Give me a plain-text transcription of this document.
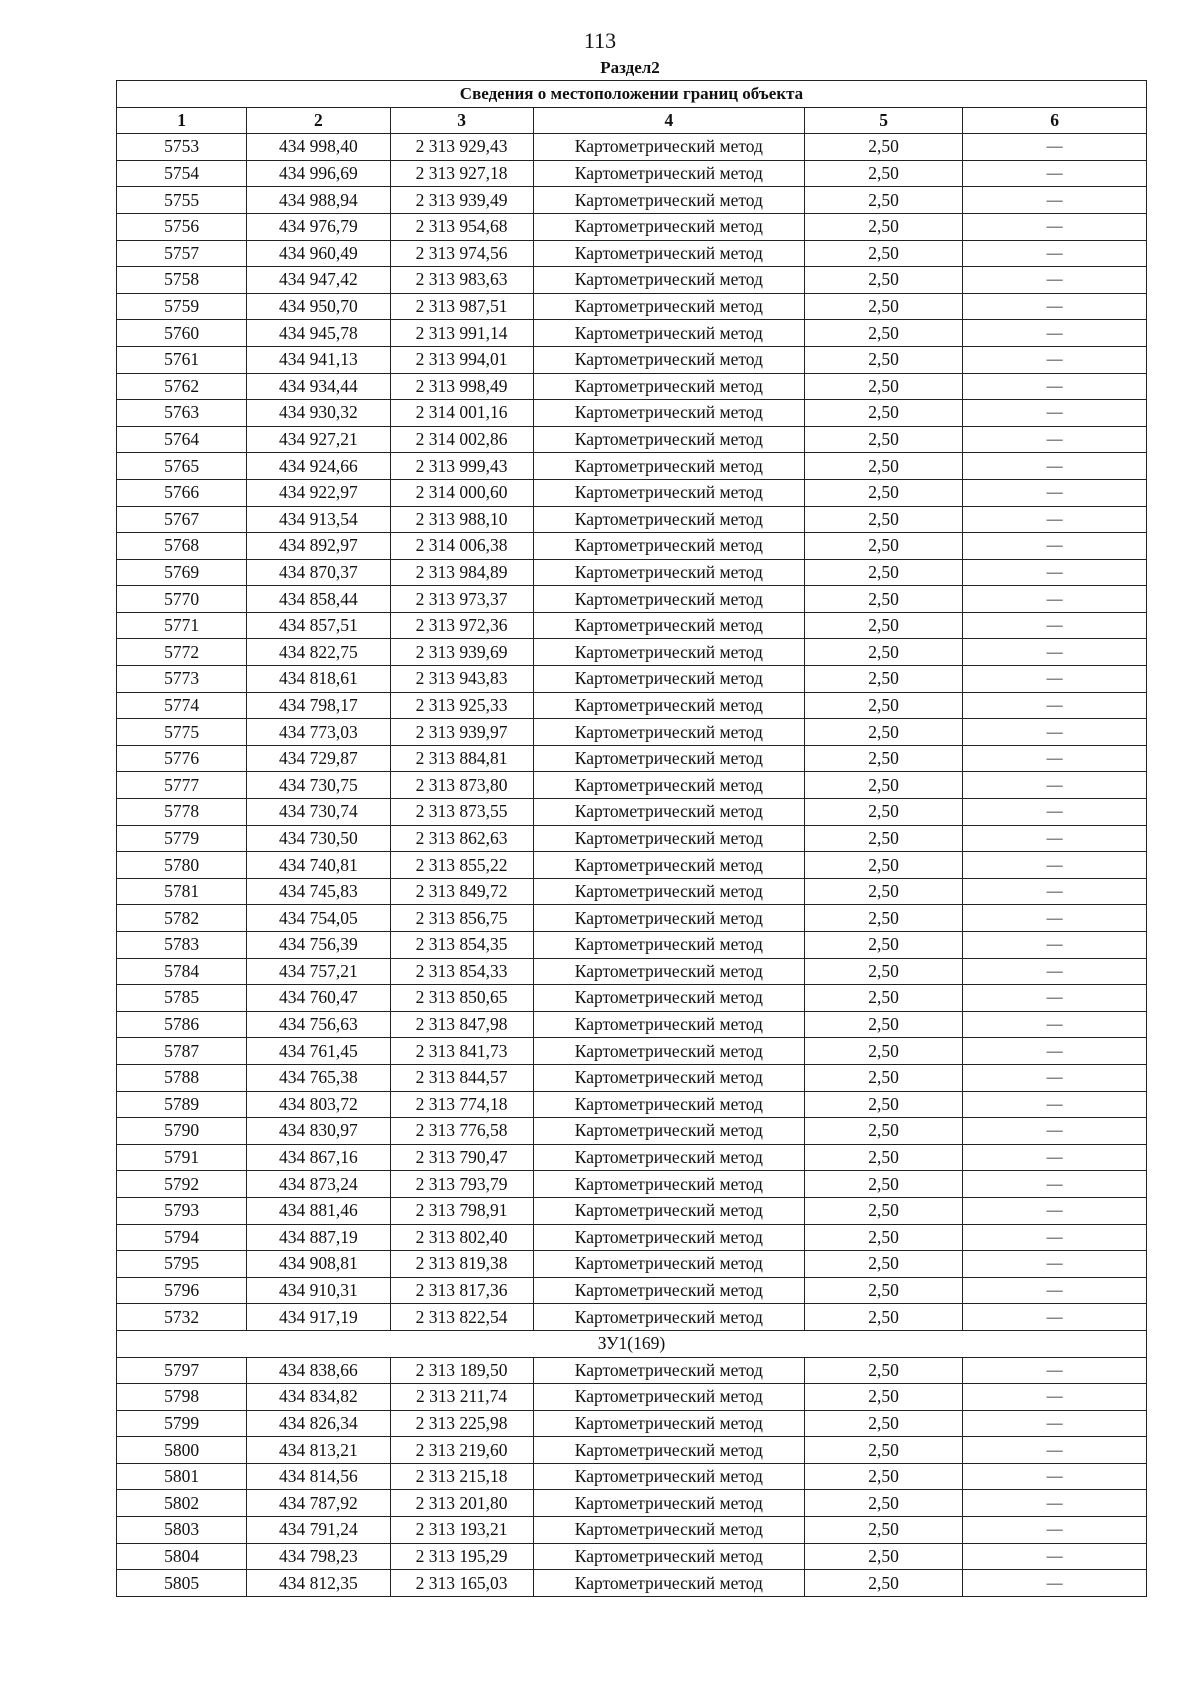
113
Раздел2
Сведения о местоположении границ объекта					
1	2	3	4	5	6
5753	434 998,40	2 313 929,43	Картометрический метод	2,50	—
5754	434 996,69	2 313 927,18	Картометрический метод	2,50	—
5755	434 988,94	2 313 939,49	Картометрический метод	2,50	—
5756	434 976,79	2 313 954,68	Картометрический метод	2,50	—
5757	434 960,49	2 313 974,56	Картометрический метод	2,50	—
5758	434 947,42	2 313 983,63	Картометрический метод	2,50	—
5759	434 950,70	2 313 987,51	Картометрический метод	2,50	—
5760	434 945,78	2 313 991,14	Картометрический метод	2,50	—
5761	434 941,13	2 313 994,01	Картометрический метод	2,50	—
5762	434 934,44	2 313 998,49	Картометрический метод	2,50	—
5763	434 930,32	2 314 001,16	Картометрический метод	2,50	—
5764	434 927,21	2 314 002,86	Картометрический метод	2,50	—
5765	434 924,66	2 313 999,43	Картометрический метод	2,50	—
5766	434 922,97	2 314 000,60	Картометрический метод	2,50	—
5767	434 913,54	2 313 988,10	Картометрический метод	2,50	—
5768	434 892,97	2 314 006,38	Картометрический метод	2,50	—
5769	434 870,37	2 313 984,89	Картометрический метод	2,50	—
5770	434 858,44	2 313 973,37	Картометрический метод	2,50	—
5771	434 857,51	2 313 972,36	Картометрический метод	2,50	—
5772	434 822,75	2 313 939,69	Картометрический метод	2,50	—
5773	434 818,61	2 313 943,83	Картометрический метод	2,50	—
5774	434 798,17	2 313 925,33	Картометрический метод	2,50	—
5775	434 773,03	2 313 939,97	Картометрический метод	2,50	—
5776	434 729,87	2 313 884,81	Картометрический метод	2,50	—
5777	434 730,75	2 313 873,80	Картометрический метод	2,50	—
5778	434 730,74	2 313 873,55	Картометрический метод	2,50	—
5779	434 730,50	2 313 862,63	Картометрический метод	2,50	—
5780	434 740,81	2 313 855,22	Картометрический метод	2,50	—
5781	434 745,83	2 313 849,72	Картометрический метод	2,50	—
5782	434 754,05	2 313 856,75	Картометрический метод	2,50	—
5783	434 756,39	2 313 854,35	Картометрический метод	2,50	—
5784	434 757,21	2 313 854,33	Картометрический метод	2,50	—
5785	434 760,47	2 313 850,65	Картометрический метод	2,50	—
5786	434 756,63	2 313 847,98	Картометрический метод	2,50	—
5787	434 761,45	2 313 841,73	Картометрический метод	2,50	—
5788	434 765,38	2 313 844,57	Картометрический метод	2,50	—
5789	434 803,72	2 313 774,18	Картометрический метод	2,50	—
5790	434 830,97	2 313 776,58	Картометрический метод	2,50	—
5791	434 867,16	2 313 790,47	Картометрический метод	2,50	—
5792	434 873,24	2 313 793,79	Картометрический метод	2,50	—
5793	434 881,46	2 313 798,91	Картометрический метод	2,50	—
5794	434 887,19	2 313 802,40	Картометрический метод	2,50	—
5795	434 908,81	2 313 819,38	Картометрический метод	2,50	—
5796	434 910,31	2 313 817,36	Картометрический метод	2,50	—
5732	434 917,19	2 313 822,54	Картометрический метод	2,50	—
ЗУ1(169)					
5797	434 838,66	2 313 189,50	Картометрический метод	2,50	—
5798	434 834,82	2 313 211,74	Картометрический метод	2,50	—
5799	434 826,34	2 313 225,98	Картометрический метод	2,50	—
5800	434 813,21	2 313 219,60	Картометрический метод	2,50	—
5801	434 814,56	2 313 215,18	Картометрический метод	2,50	—
5802	434 787,92	2 313 201,80	Картометрический метод	2,50	—
5803	434 791,24	2 313 193,21	Картометрический метод	2,50	—
5804	434 798,23	2 313 195,29	Картометрический метод	2,50	—
5805	434 812,35	2 313 165,03	Картометрический метод	2,50	—
